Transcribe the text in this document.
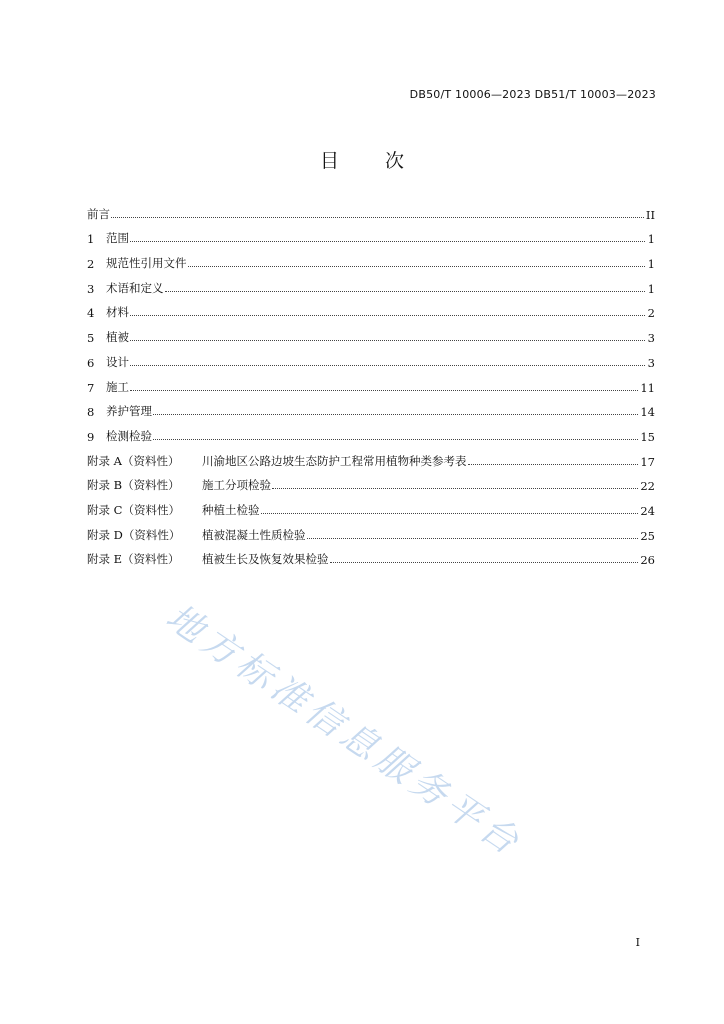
DB50/T 10006—2023 DB51/T 10003—2023
目次
前言	II
1	范围	1
2	规范性引用文件	1
3	术语和定义	1
4	材料	2
5	植被	3
6	设计	3
7	施工	11
8	养护管理	14
9	检测检验	15
附录 A（资料性）	川渝地区公路边坡生态防护工程常用植物种类参考表	17
附录 B（资料性）	施工分项检验	22
附录 C（资料性）	种植土检验	24
附录 D（资料性）	植被混凝土性质检验	25
附录 E（资料性）	植被生长及恢复效果检验	26
地方标准信息服务平台
I
